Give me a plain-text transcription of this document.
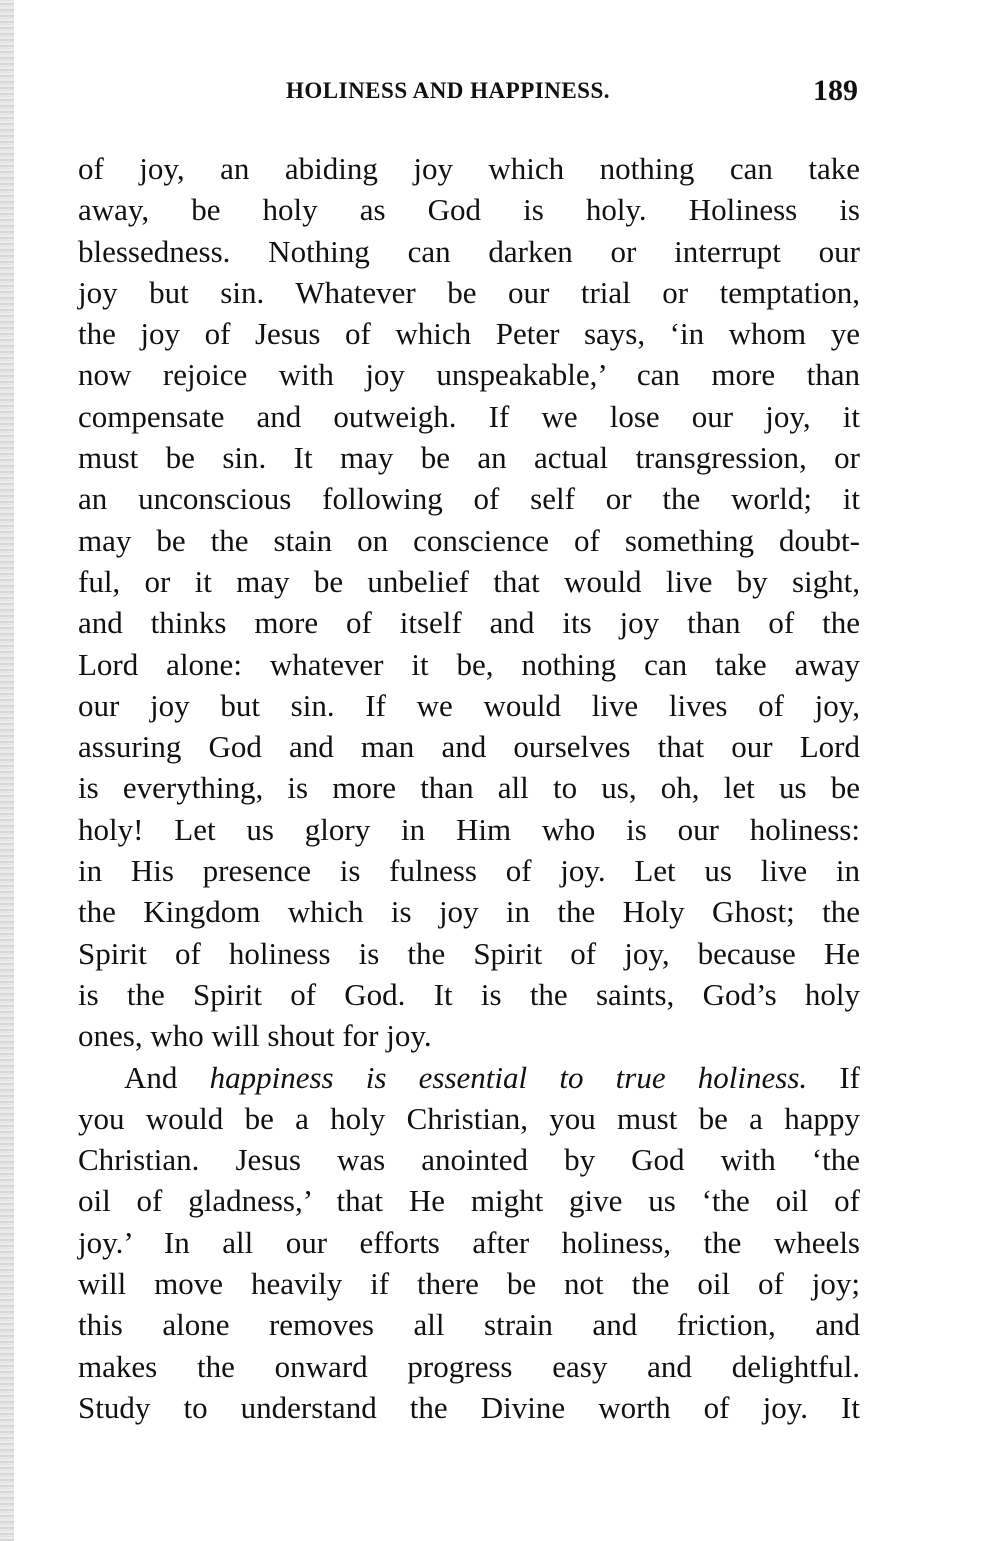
HOLINESS AND HAPPINESS.	189
of joy, an abiding joy which nothing can take
away, be holy as God is holy. Holiness is
blessedness. Nothing can darken or interrupt our
joy but sin. Whatever be our trial or temptation,
the joy of Jesus of which Peter says, ‘in whom ye
now rejoice with joy unspeakable,’ can more than
compensate and outweigh. If we lose our joy, it
must be sin. It may be an actual transgression, or
an unconscious following of self or the world; it
may be the stain on conscience of something doubt-
ful, or it may be unbelief that would live by sight,
and thinks more of itself and its joy than of the
Lord alone: whatever it be, nothing can take away
our joy but sin. If we would live lives of joy,
assuring God and man and ourselves that our Lord
is everything, is more than all to us, oh, let us be
holy! Let us glory in Him who is our holiness:
in His presence is fulness of joy. Let us live in
the Kingdom which is joy in the Holy Ghost; the
Spirit of holiness is the Spirit of joy, because He
is the Spirit of God. It is the saints, God’s holy
ones, who will shout for joy.
And happiness is essential to true holiness. If
you would be a holy Christian, you must be a happy
Christian. Jesus was anointed by God with ‘the
oil of gladness,’ that He might give us ‘the oil of
joy.’ In all our efforts after holiness, the wheels
will move heavily if there be not the oil of joy;
this alone removes all strain and friction, and
makes the onward progress easy and delightful.
Study to understand the Divine worth of joy. It
